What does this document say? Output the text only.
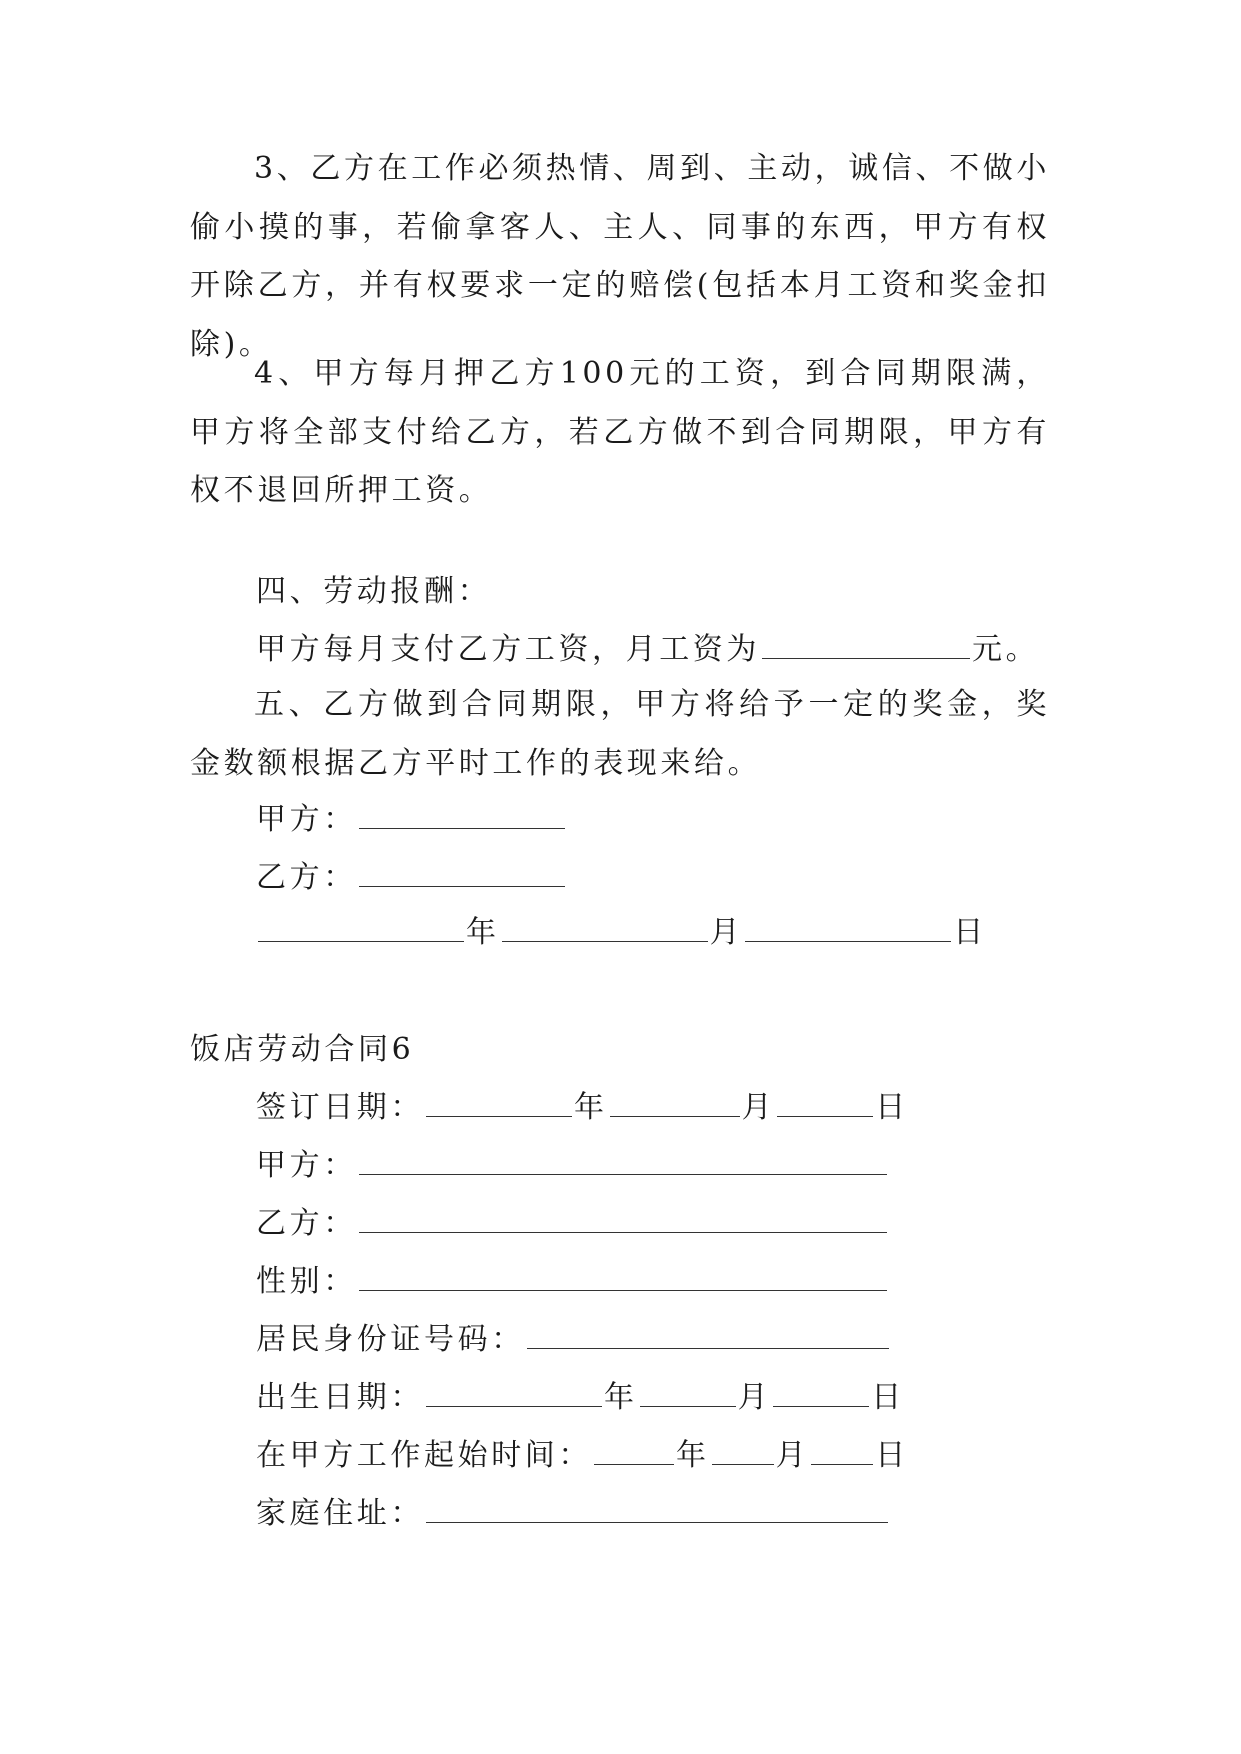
3、乙方在工作必须热情、周到、主动，诚信、不做小偷小摸的事，若偷拿客人、主人、同事的东西，甲方有权开除乙方，并有权要求一定的赔偿(包括本月工资和奖金扣除)。

4、甲方每月押乙方100元的工资，到合同期限满，甲方将全部支付给乙方，若乙方做不到合同期限，甲方有权不退回所押工资。

四、劳动报酬：

甲方每月支付乙方工资，月工资为	元。

五、乙方做到合同期限，甲方将给予一定的奖金，奖金数额根据乙方平时工作的表现来给。

甲方：

乙方：

年	月	日

饭店劳动合同6

签订日期：	年	月	日

甲方：

乙方：

性别：

居民身份证号码：

出生日期：	年	月	日

在甲方工作起始时间：	年 月 日

家庭住址：
